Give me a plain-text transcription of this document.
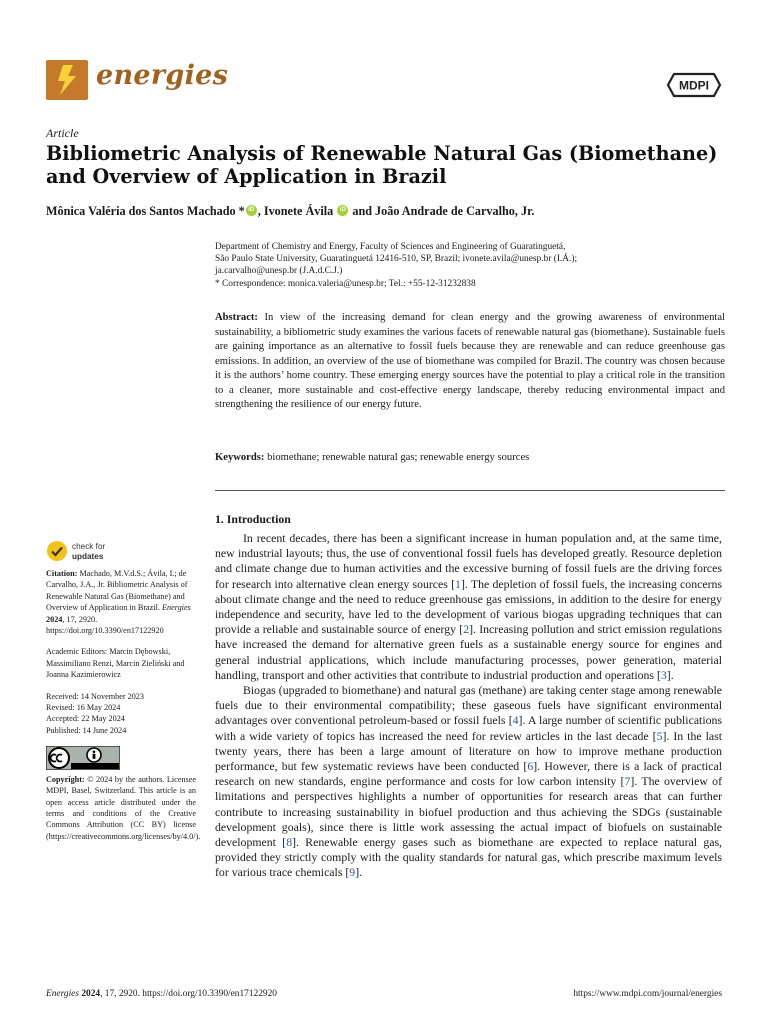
energies	MDPI
Article
Bibliometric Analysis of Renewable Natural Gas (Biomethane) and Overview of Application in Brazil
Mônica Valéria dos Santos Machado *iD , Ivonete Ávila iD and João Andrade de Carvalho, Jr.

Department of Chemistry and Energy, Faculty of Sciences and Engineering of Guaratinguetá,

São Paulo State University, Guaratinguetá 12416-510, SP, Brazil; ivonete.avila@unesp.br (I.Á.);

ja.carvalho@unesp.br (J.A.d.C.J.)

* Correspondence: monica.valeria@unesp.br; Tel.: +55-12-31232838

Abstract: In view of the increasing demand for clean energy and the growing awareness of environmental sustainability, a bibliometric study examines the various facets of renewable natural gas (biomethane). Sustainable fuels are gaining importance as an alternative to fossil fuels because they are renewable and can reduce greenhouse gas emissions. In addition, an overview of the use of biomethane was compiled for Brazil. The country was chosen because it is the authors’ home country. These emerging energy sources have the potential to play a critical role in the transition to a cleaner, more sustainable and cost-effective energy landscape, thereby reducing environmental impact and strengthening the resilience of our energy future.

Keywords: biomethane; renewable natural gas; renewable energy sources

check for
updates

Citation: Machado, M.V.d.S.; Ávila, I.; de Carvalho, J.A., Jr. Bibliometric Analysis of Renewable Natural Gas (Biomethane) and Overview of Application in Brazil. Energies 2024, 17, 2920. https://doi.org/10.3390/en17122920

Academic Editors: Marcin Dębowski, Massimiliano Renzi, Marcin Zieliński and Joanna Kazimierowicz

Received: 14 November 2023

Revised: 16 May 2024

Accepted: 22 May 2024

Published: 14 June 2024

Copyright: © 2024 by the authors. Licensee MDPI, Basel, Switzerland. This article is an open access article distributed under the terms and conditions of the Creative Commons Attribution (CC BY) license (https://creativecommons.org/licenses/by/4.0/).

1. Introduction

In recent decades, there has been a significant increase in human population and, at the same time, new industrial layouts; thus, the use of conventional fossil fuels has developed greatly. Resource depletion and climate change due to human activities and the excessive burning of fossil fuels are the driving forces for research into alternative clean energy sources [1]. The depletion of fossil fuels, the increasing concerns about climate change and the need to reduce greenhouse gas emissions, in addition to the desire for energy independence and security, have led to the development of various biogas upgrading techniques that can provide a reliable and sustainable source of energy [2]. Increasing pollution and strict emission regulations have increased the demand for alternative green fuels as a sustainable energy source for engines and general industrial applications, which include manufacturing processes, power generation, material handling, transport and other activities that contribute to industrial production and operations [3].

Biogas (upgraded to biomethane) and natural gas (methane) are taking center stage among renewable fuels due to their environmental compatibility; these gaseous fuels have significant environmental advantages over conventional petroleum-based or fossil fuels [4]. A large number of scientific publications with a wide variety of topics has increased the need for review articles in the last decade [5]. In the last twenty years, there has been a large amount of literature on how to improve methane production performance, but few systematic reviews have been conducted [6]. However, there is a lack of practical research on new standards, engine performance and costs for low carbon intensity [7]. The overview of limitations and perspectives highlights a number of opportunities for research areas that can further contribute to increasing sustainability in biofuel production and thus achieving the SDGs (sustainable development goals), since there is little work assessing the actual impact of biofuels on sustainable development [8]. Renewable energy gases such as biomethane are expected to replace natural gas, provided they strictly comply with the quality standards for natural gas, which prescribe maximum levels for various trace chemicals [9].

Energies 2024, 17, 2920. https://doi.org/10.3390/en17122920	https://www.mdpi.com/journal/energies
